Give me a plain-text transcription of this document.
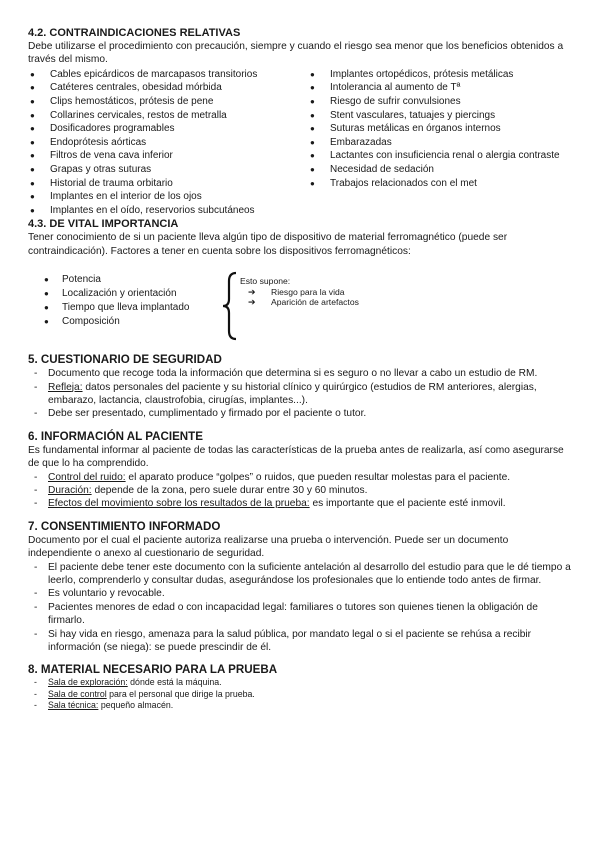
4.2. CONTRAINDICACIONES RELATIVAS

Debe utilizarse el procedimiento con precaución, siempre y cuando el riesgo sea menor que los beneficios obtenidos a través del mismo.

● Cables epicárdicos de marcapasos transitorios
● Catéteres centrales, obesidad mórbida
● Clips hemostáticos, prótesis de pene
● Collarines cervicales, restos de metralla
● Dosificadores programables
● Endoprótesis aórticas
● Filtros de vena cava inferior
● Grapas y otras suturas
● Historial de trauma orbitario
● Implantes en el interior de los ojos
● Implantes en el oído, reservorios subcutáneos
● Implantes ortopédicos, prótesis metálicas
● Intolerancia al aumento de Tª
● Riesgo de sufrir convulsiones
● Stent vasculares, tatuajes y piercings
● Suturas metálicas en órganos internos
● Embarazadas
● Lactantes con insuficiencia renal o alergia contraste
● Necesidad de sedación
● Trabajos relacionados con el met
4.3. DE VITAL IMPORTANCIA

Tener conocimiento de si un paciente lleva algún tipo de dispositivo de material ferromagnético (puede ser contraindicación). Factores a tener en cuenta sobre los dispositivos ferromagnéticos:

● Potencia
● Localización y orientación
● Tiempo que lleva implantado
● Composición
Esto supone:
➔ Riesgo para la vida
➔ Aparición de artefactos
5. CUESTIONARIO DE SEGURIDAD
- Documento que recoge toda la información que determina si es seguro o no llevar a cabo un estudio de RM.
- Refleja: datos personales del paciente y su historial clínico y quirúrgico (estudios de RM anteriores, alergias, embarazo, lactancia, claustrofobia, cirugías, implantes...).
- Debe ser presentado, cumplimentado y firmado por el paciente o tutor.
6. INFORMACIÓN AL PACIENTE

Es fundamental informar al paciente de todas las características de la prueba antes de realizarla, así como asegurarse de que lo ha comprendido.

- Control del ruido: el aparato produce “golpes” o ruidos, que pueden resultar molestas para el paciente.
- Duración: depende de la zona, pero suele durar entre 30 y 60 minutos.
- Efectos del movimiento sobre los resultados de la prueba: es importante que el paciente esté inmovil.
7. CONSENTIMIENTO INFORMADO

Documento por el cual el paciente autoriza realizarse una prueba o intervención. Puede ser un documento independiente o anexo al cuestionario de seguridad.

- El paciente debe tener este documento con la suficiente antelación al desarrollo del estudio para que le dé tiempo a leerlo, comprenderlo y consultar dudas, asegurándose los profesionales que lo entiende todo antes de firmar.
- Es voluntario y revocable.
- Pacientes menores de edad o con incapacidad legal: familiares o tutores son quienes tienen la obligación de firmarlo.
- Si hay vida en riesgo, amenaza para la salud pública, por mandato legal o si el paciente se rehúsa a recibir información (se niega): se puede prescindir de él.
8. MATERIAL NECESARIO PARA LA PRUEBA
- Sala de exploración: dónde está la máquina.
- Sala de control para el personal que dirige la prueba.
- Sala técnica: pequeño almacén.
